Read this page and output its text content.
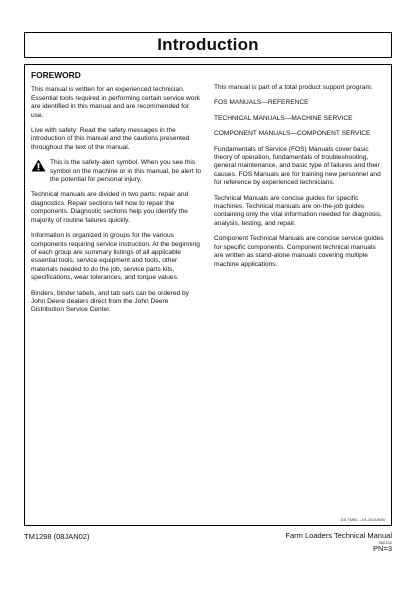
Introduction
FOREWORD

This manual is written for an experienced technician. Essential tools required in performing certain service work are identified in this manual and are recommended for use.

Live with safety: Read the safety messages in the introduction of this manual and the cautions presented throughout the text of the manual.

This is the safety-alert symbol. When you see this symbol on the machine or in this manual, be alert to the potential for personal injury.

Technical manuals are divided in two parts: repair and diagnostics. Repair sections tell how to repair the components. Diagnostic sections help you identify the majority of routine failures quickly.

Information is organized in groups for the various components requiring service instruction. At the beginning of each group are summary listings of all applicable essential tools, service equipment and tools, other materials needed to do the job, service parts kits, specifications, wear tolerances, and torque values.

Binders, binder labels, and tab sets can be ordered by John Deere dealers direct from the John Deere Distribution Service Center.

This manual is part of a total product support program.

FOS MANUALS—REFERENCE

TECHNICAL MANUALS—MACHINE SERVICE

COMPONENT MANUALS—COMPONENT SERVICE

Fundamentals of Service (FOS) Manuals cover basic theory of operation, fundamentals of troubleshooting, general maintenance, and basic type of failures and their causes. FOS Manuals are for training new personnel and for reference by experienced technicians.

Technical Manuals are concise guides for specific machines. Technical manuals are on-the-job guides containing only the vital information needed for diagnosis, analysis, testing, and repair.

Component Technical Manuals are concise service guides for specific components. Component technical manuals are written as stand-alone manuals covering multiple machine applications.

DX,TM8C –19–04JUN90
TM1298 (08JAN02)	Farm Loaders Technical Manual
060102
PN=3
